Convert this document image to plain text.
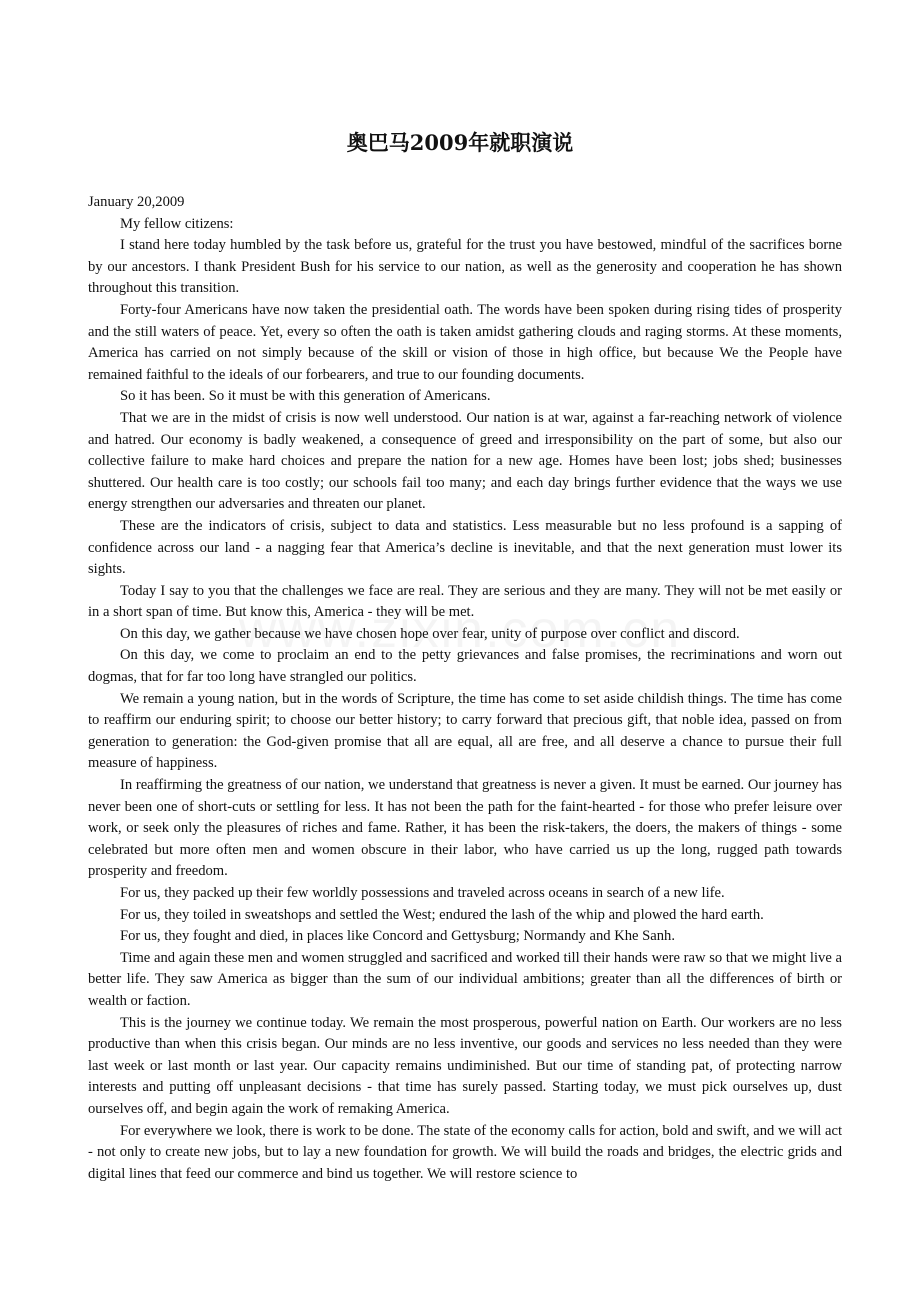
奥巴马2009年就职演说

January 20,2009

My fellow citizens:

I stand here today humbled by the task before us, grateful for the trust you have bestowed, mindful of the sacrifices borne by our ancestors. I thank President Bush for his service to our nation, as well as the generosity and cooperation he has shown throughout this transition.

Forty-four Americans have now taken the presidential oath. The words have been spoken during rising tides of prosperity and the still waters of peace. Yet, every so often the oath is taken amidst gathering clouds and raging storms. At these moments, America has carried on not simply because of the skill or vision of those in high office, but because We the People have remained faithful to the ideals of our forbearers, and true to our founding documents.

So it has been. So it must be with this generation of Americans.

That we are in the midst of crisis is now well understood. Our nation is at war, against a far-reaching network of violence and hatred. Our economy is badly weakened, a consequence of greed and irresponsibility on the part of some, but also our collective failure to make hard choices and prepare the nation for a new age. Homes have been lost; jobs shed; businesses shuttered. Our health care is too costly; our schools fail too many; and each day brings further evidence that the ways we use energy strengthen our adversaries and threaten our planet.

These are the indicators of crisis, subject to data and statistics. Less measurable but no less profound is a sapping of confidence across our land - a nagging fear that America’s decline is inevitable, and that the next generation must lower its sights.

Today I say to you that the challenges we face are real. They are serious and they are many. They will not be met easily or in a short span of time. But know this, America - they will be met.

On this day, we gather because we have chosen hope over fear, unity of purpose over conflict and discord.

On this day, we come to proclaim an end to the petty grievances and false promises, the recriminations and worn out dogmas, that for far too long have strangled our politics.

We remain a young nation, but in the words of Scripture, the time has come to set aside childish things. The time has come to reaffirm our enduring spirit; to choose our better history; to carry forward that precious gift, that noble idea, passed on from generation to generation: the God-given promise that all are equal, all are free, and all deserve a chance to pursue their full measure of happiness.

In reaffirming the greatness of our nation, we understand that greatness is never a given. It must be earned. Our journey has never been one of short-cuts or settling for less. It has not been the path for the faint-hearted - for those who prefer leisure over work, or seek only the pleasures of riches and fame. Rather, it has been the risk-takers, the doers, the makers of things - some celebrated but more often men and women obscure in their labor, who have carried us up the long, rugged path towards prosperity and freedom.

For us, they packed up their few worldly possessions and traveled across oceans in search of a new life.

For us, they toiled in sweatshops and settled the West; endured the lash of the whip and plowed the hard earth.

For us, they fought and died, in places like Concord and Gettysburg; Normandy and Khe Sanh.

Time and again these men and women struggled and sacrificed and worked till their hands were raw so that we might live a better life. They saw America as bigger than the sum of our individual ambitions; greater than all the differences of birth or wealth or faction.

This is the journey we continue today. We remain the most prosperous, powerful nation on Earth. Our workers are no less productive than when this crisis began. Our minds are no less inventive, our goods and services no less needed than they were last week or last month or last year. Our capacity remains undiminished. But our time of standing pat, of protecting narrow interests and putting off unpleasant decisions - that time has surely passed. Starting today, we must pick ourselves up, dust ourselves off, and begin again the work of remaking America.

For everywhere we look, there is work to be done. The state of the economy calls for action, bold and swift, and we will act - not only to create new jobs, but to lay a new foundation for growth. We will build the roads and bridges, the electric grids and digital lines that feed our commerce and bind us together. We will restore science to
